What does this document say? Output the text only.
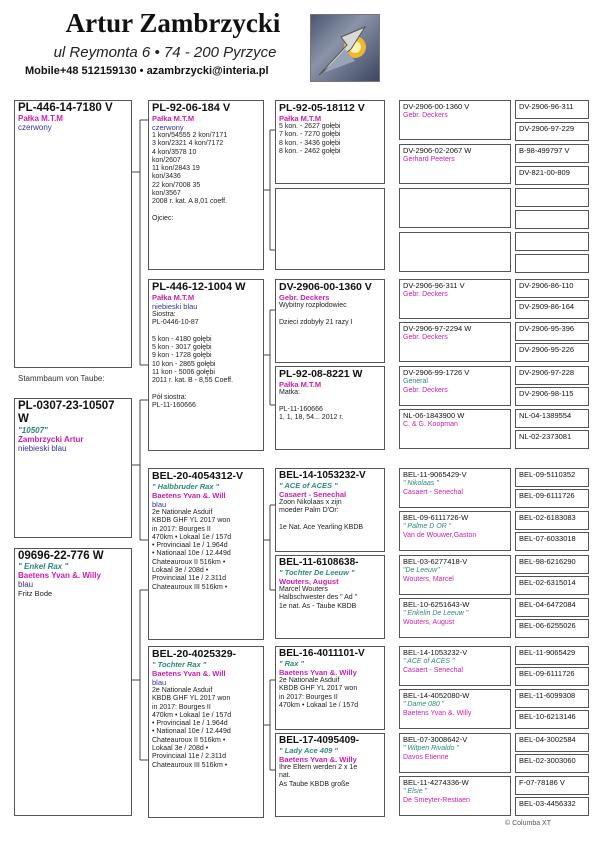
Artur Zambrzycki
ul Reymonta 6 • 74 - 200 Pyrzyce
Mobile+48 512159130 • azambrzycki@interia.pl
PL-446-14-7180 V
Pałka M.T.M
czerwony
Stammbaum von Taube:
PL-0307-23-10507 W
"10507"
Zambrzycki Artur
niebieski blau
09696-22-776 W
" Enkel Rax "
Baetens Yvan &. Willy
blau
Fritz Bode
PL-92-06-184 V
Pałka M.T.M
czerwony
1 kon/54555 2 kon/7171
3 kon/2321 4 kon/7172
4 kon/3578 10
kon/2607
11 kon/2843 19
kon/3436
22 kon/7008 35
kon/3567
2008 r. kat. A 8,01 coeff.

Ojciec:
PL-446-12-1004 W
Pałka M.T.M
niebieski blau
Siostra:
PL-0446-10-87

5 kon - 4180 gołębi
5 kon - 3017 gołębi
9 kon - 1728 gołębi
10 kon - 2865 gołębi
11 kon - 5006 gołębi
2011 r. kat. B - 8,55 Coeff.

Pół siostra:
PL-11-160666
BEL-20-4054312-V
" Halbbruder Rax "
Baetens Yvan &. Will
blau
2e Nationale Asduif
KBDB GHF YL 2017 won
in 2017: Bourges II
470km • Lokaal 1e / 157d
• Provinciaal 1e / 1.964d
• Nationaal 10e / 12.449d
Chateauroux II 516km •
Lokaal 3e / 208d •
Provinciaal 11e / 2.311d
Chateauroux III 516km •
BEL-20-4025329-
" Tochter Rax "
Baetens Yvan &. Will
blau
2e Nationale Asduif
KBDB GHF YL 2017 won
in 2017: Bourges II
470km • Lokaal 1e / 157d
• Provinciaal 1e / 1.964d
• Nationaal 10e / 12.449d
Chateauroux II 516km •
Lokaal 3e / 208d •
Provinciaal 11e / 2.311d
Chateauroux III 516km •
PL-92-05-18112 V
Pałka M.T.M
5 kon. - 2627 gołębi
7 kon. - 7270 gołębi
8 kon. - 3436 gołębi
8 kon. - 2462 gołębi
DV-2906-00-1360 V
Gebr. Deckers
Wybitny rozpłodowiec

Dzieci zdobyły 21 razy I
PL-92-08-8221 W
Pałka M.T.M
Matka:

PL-11-160666
1, 1, 18, 54... 2012 r.
BEL-14-1053232-V
" ACE of ACES "
Casaert - Senechal
Zoon Nikolaas x zijn
moeder Palm D'Or:

1e Nat. Ace Yearling KBDB
BEL-11-6108638-
" Tochter De Leeuw "
Wouters, August
Marcel Wouters
Halbschwester des " Ad "
1e nat. As - Taube KBDB
BEL-16-4011101-V
" Rax "
Baetens Yvan &. Willy
2e Nationale Asduif
KBDB GHF YL 2017 won
in 2017: Bourges II
470km • Lokaal 1e / 157d
BEL-17-4095409-
" Lady Ace 409 "
Baetens Yvan &. Willy
Ihre Eltern werden 2 x 1e
nat.
As Taube KBDB große
DV-2906-00-1360 V
Gebr. Deckers
DV-2906-02-2067 W
Gerhard Peeters
DV-2906-96-311 V
Gebr. Deckers
DV-2906-97-2294 W
Gebr. Deckers
DV-2906-99-1726 V
General
Gebr. Deckers
NL-06-1843900 W
C. & G. Koopman
BEL-11-9065429-V
" Nikolaas "
Casaert - Senechal
BEL-09-6111726-W
" Palme D OR "
Van de Wouwer,Gaston
BEL-03-6277418-V
"De Leeuw"
Wouters, Marcel
BEL-10-6251643-W
" Enkelin De Leeuw "
Wouters, August
BEL-14-1053232-V
" ACE of ACES "
Casaert - Senechal
BEL-14-4052080-W
" Dame 080 "
Baetens Yvan &. Willy
BEL-07-3008642-V
" Witpen Rivaldo "
Davos Etienne
BEL-11-4274336-W
" Elsie "
De Smeyter-Restiaen
DV-2906-96-311
DV-2906-97-229
B-98-499797 V
DV-821-00-809
DV-2906-86-110
DV-2909-86-164
DV-2906-95-396
DV-2906-95-226
DV-2906-97-228
DV-2906-98-115
NL-04-1389554
NL-02-2373081
BEL-09-5110352
BEL-09-6111726
BEL-02-6183083
BEL-07-6033018
BEL-98-6216290
BEL-02-6315014
BEL-04-6472084
BEL-06-6255026
BEL-11-9065429
BEL-09-6111726
BEL-11-6099308
BEL-10-6213146
BEL-04-3002584
BEL-02-3003060
F-07-78186 V
BEL-03-4456332
© Columba XT
